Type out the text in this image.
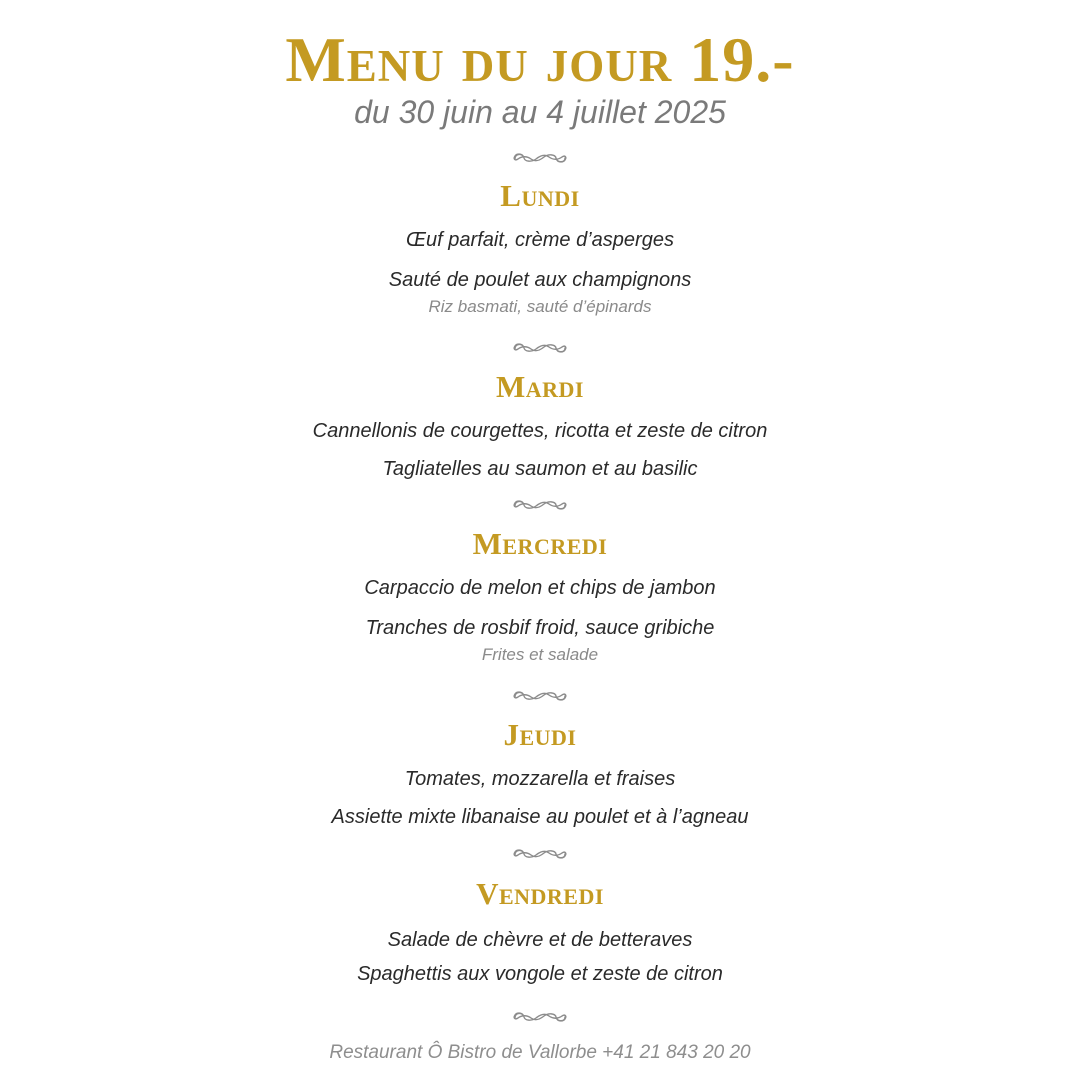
Menu du jour 19.-
du 30 juin au 4 juillet 2025
Lundi
Œuf parfait, crème d’asperges
Sauté de poulet aux champignons
Riz basmati, sauté d’épinards
Mardi
Cannellonis de courgettes, ricotta et zeste de citron
Tagliatelles au saumon et au basilic
Mercredi
Carpaccio de melon et chips de jambon
Tranches de rosbif froid, sauce gribiche
Frites et salade
Jeudi
Tomates, mozzarella et fraises
Assiette mixte libanaise au poulet et à l’agneau
Vendredi
Salade de chèvre et de betteraves
Spaghettis aux vongole et zeste de citron
Restaurant Ô Bistro de Vallorbe +41 21 843 20 20
